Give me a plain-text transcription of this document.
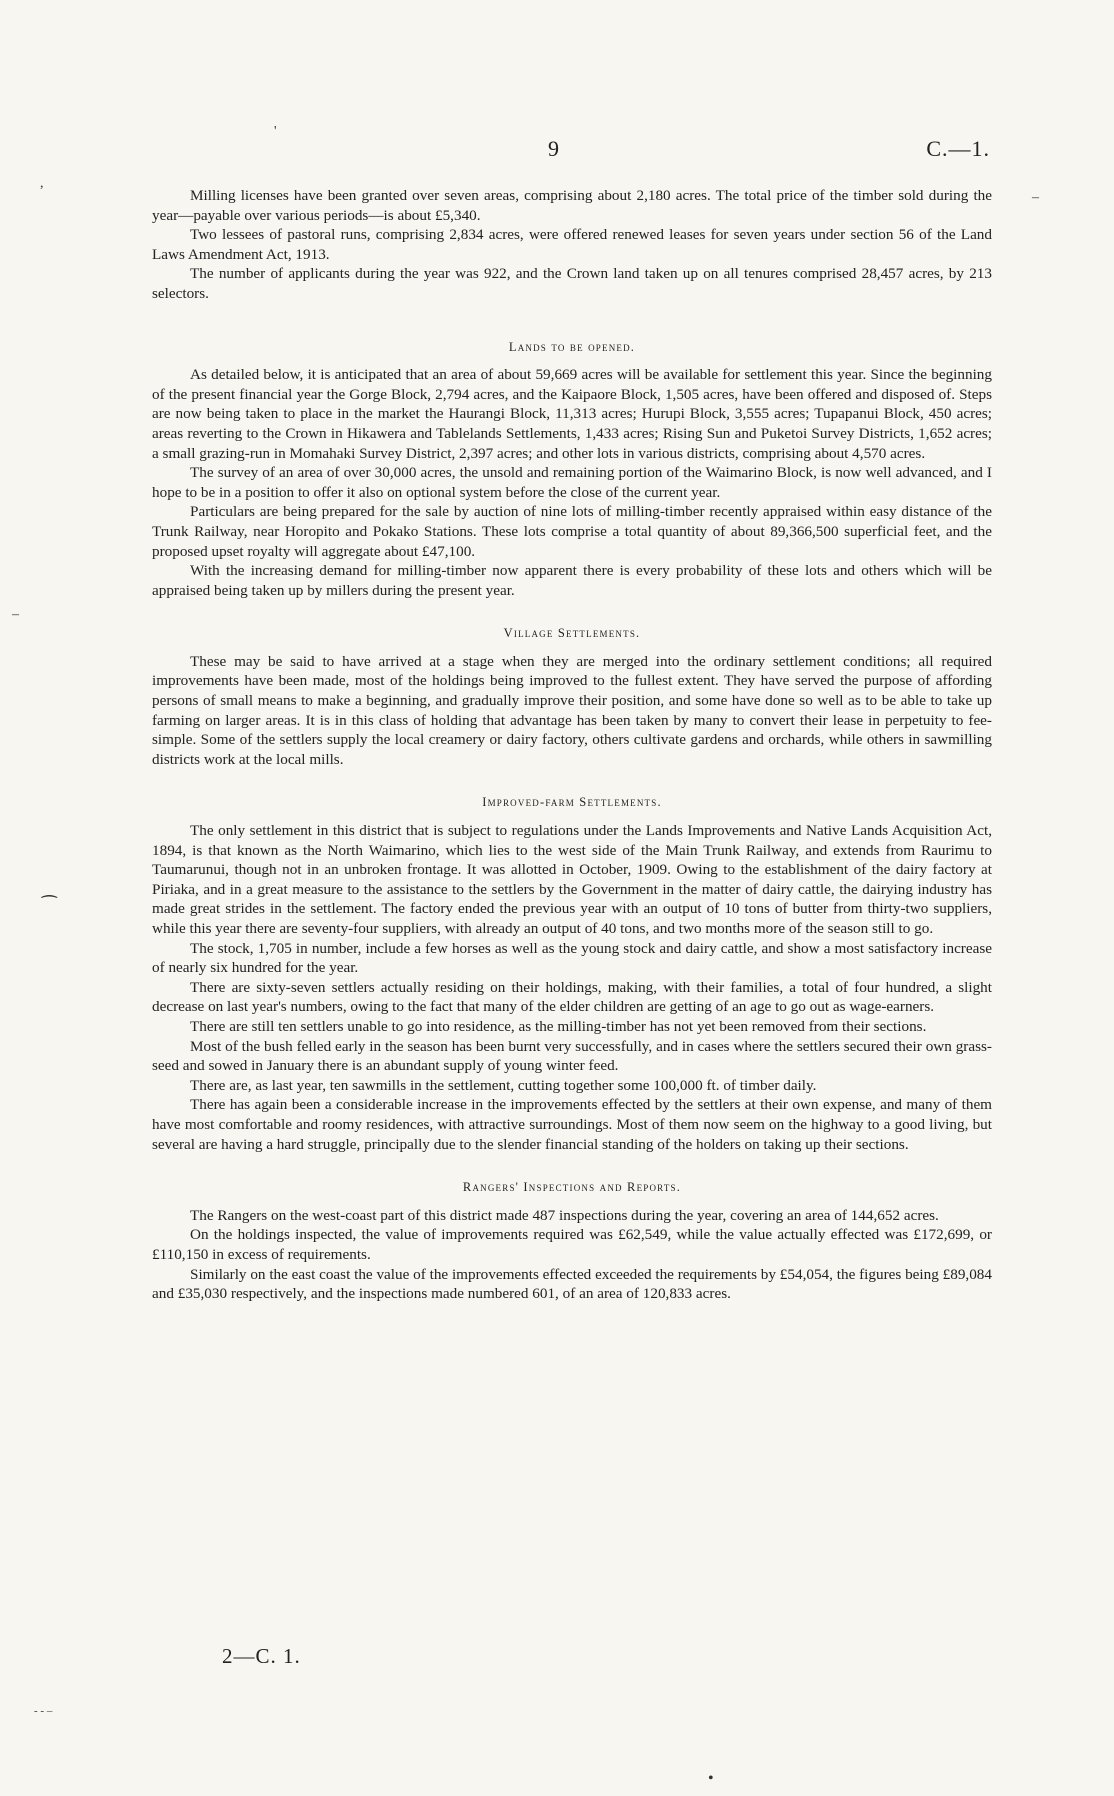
'
,
–
–
⁀
- - –
•
9	C.—1.

Milling licenses have been granted over seven areas, comprising about 2,180 acres. The total price of the timber sold during the year—payable over various periods—is about £5,340.

Two lessees of pastoral runs, comprising 2,834 acres, were offered renewed leases for seven years under section 56 of the Land Laws Amendment Act, 1913.

The number of applicants during the year was 922, and the Crown land taken up on all tenures comprised 28,457 acres, by 213 selectors.

Lands to be opened.

As detailed below, it is anticipated that an area of about 59,669 acres will be available for settlement this year. Since the beginning of the present financial year the Gorge Block, 2,794 acres, and the Kaipaore Block, 1,505 acres, have been offered and disposed of. Steps are now being taken to place in the market the Haurangi Block, 11,313 acres; Hurupi Block, 3,555 acres; Tupapanui Block, 450 acres; areas reverting to the Crown in Hikawera and Tablelands Settlements, 1,433 acres; Rising Sun and Puketoi Survey Districts, 1,652 acres; a small grazing-run in Momahaki Survey District, 2,397 acres; and other lots in various districts, comprising about 4,570 acres.

The survey of an area of over 30,000 acres, the unsold and remaining portion of the Waimarino Block, is now well advanced, and I hope to be in a position to offer it also on optional system before the close of the current year.

Particulars are being prepared for the sale by auction of nine lots of milling-timber recently appraised within easy distance of the Trunk Railway, near Horopito and Pokako Stations. These lots comprise a total quantity of about 89,366,500 superficial feet, and the proposed upset royalty will aggregate about £47,100.

With the increasing demand for milling-timber now apparent there is every probability of these lots and others which will be appraised being taken up by millers during the present year.

Village Settlements.

These may be said to have arrived at a stage when they are merged into the ordinary settlement conditions; all required improvements have been made, most of the holdings being improved to the fullest extent. They have served the purpose of affording persons of small means to make a beginning, and gradually improve their position, and some have done so well as to be able to take up farming on larger areas. It is in this class of holding that advantage has been taken by many to convert their lease in perpetuity to fee-simple. Some of the settlers supply the local creamery or dairy factory, others cultivate gardens and orchards, while others in sawmilling districts work at the local mills.

Improved-farm Settlements.

The only settlement in this district that is subject to regulations under the Lands Improvements and Native Lands Acquisition Act, 1894, is that known as the North Waimarino, which lies to the west side of the Main Trunk Railway, and extends from Raurimu to Taumarunui, though not in an unbroken frontage. It was allotted in October, 1909. Owing to the establishment of the dairy factory at Piriaka, and in a great measure to the assistance to the settlers by the Government in the matter of dairy cattle, the dairying industry has made great strides in the settlement. The factory ended the previous year with an output of 10 tons of butter from thirty-two suppliers, while this year there are seventy-four suppliers, with already an output of 40 tons, and two months more of the season still to go.

The stock, 1,705 in number, include a few horses as well as the young stock and dairy cattle, and show a most satisfactory increase of nearly six hundred for the year.

There are sixty-seven settlers actually residing on their holdings, making, with their families, a total of four hundred, a slight decrease on last year's numbers, owing to the fact that many of the elder children are getting of an age to go out as wage-earners.

There are still ten settlers unable to go into residence, as the milling-timber has not yet been removed from their sections.

Most of the bush felled early in the season has been burnt very successfully, and in cases where the settlers secured their own grass-seed and sowed in January there is an abundant supply of young winter feed.

There are, as last year, ten sawmills in the settlement, cutting together some 100,000 ft. of timber daily.

There has again been a considerable increase in the improvements effected by the settlers at their own expense, and many of them have most comfortable and roomy residences, with attractive surroundings. Most of them now seem on the highway to a good living, but several are having a hard struggle, principally due to the slender financial standing of the holders on taking up their sections.

Rangers' Inspections and Reports.

The Rangers on the west-coast part of this district made 487 inspections during the year, covering an area of 144,652 acres.

On the holdings inspected, the value of improvements required was £62,549, while the value actually effected was £172,699, or £110,150 in excess of requirements.

Similarly on the east coast the value of the improvements effected exceeded the requirements by £54,054, the figures being £89,084 and £35,030 respectively, and the inspections made numbered 601, of an area of 120,833 acres.

2—C. 1.
